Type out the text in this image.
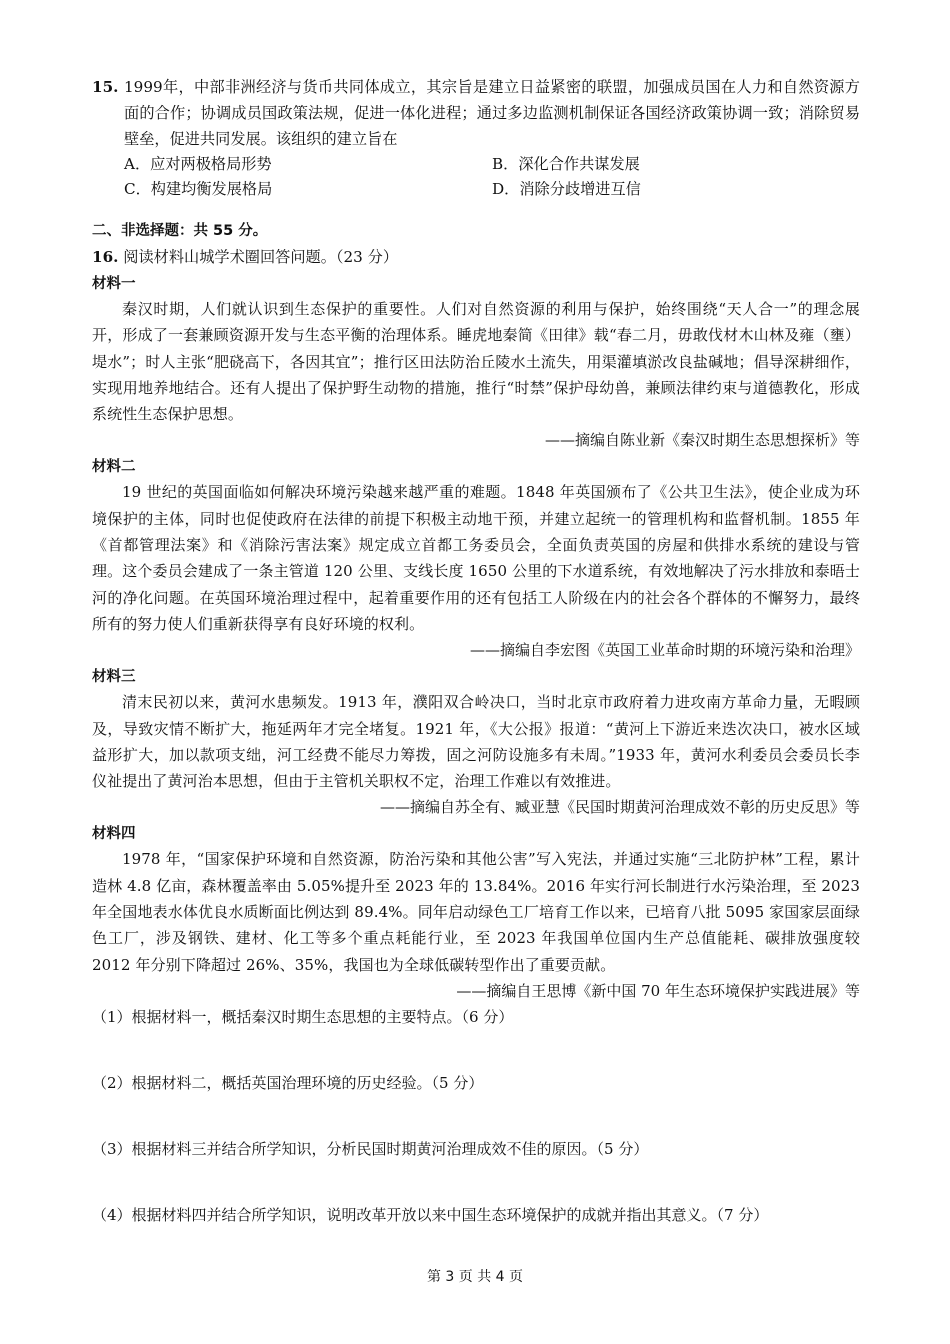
15. 1999年，中部非洲经济与货币共同体成立，其宗旨是建立日益紧密的联盟，加强成员国在人力和自然资源方面的合作；协调成员国政策法规，促进一体化进程；通过多边监测机制保证各国经济政策协调一致；消除贸易壁垒，促进共同发展。该组织的建立旨在

A．应对两极格局形势	B．深化合作共谋发展
C．构建均衡发展格局	D．消除分歧增进互信
二、非选择题：共 55 分。
16. 阅读材料山城学术圈回答问题。（23 分）
材料一

秦汉时期，人们就认识到生态保护的重要性。人们对自然资源的利用与保护，始终围绕“天人合一”的理念展开，形成了一套兼顾资源开发与生态平衡的治理体系。睡虎地秦简《田律》载“春二月，毋敢伐材木山林及雍（壅）堤水”；时人主张“肥硗高下，各因其宜”；推行区田法防治丘陵水土流失，用渠灌填淤改良盐碱地；倡导深耕细作，实现用地养地结合。还有人提出了保护野生动物的措施，推行“时禁”保护母幼兽，兼顾法律约束与道德教化，形成系统性生态保护思想。

——摘编自陈业新《秦汉时期生态思想探析》等
材料二

19 世纪的英国面临如何解决环境污染越来越严重的难题。1848 年英国颁布了《公共卫生法》，使企业成为环境保护的主体，同时也促使政府在法律的前提下积极主动地干预，并建立起统一的管理机构和监督机制。1855 年《首都管理法案》和《消除污害法案》规定成立首都工务委员会，全面负责英国的房屋和供排水系统的建设与管理。这个委员会建成了一条主管道 120 公里、支线长度 1650 公里的下水道系统，有效地解决了污水排放和泰晤士河的净化问题。在英国环境治理过程中，起着重要作用的还有包括工人阶级在内的社会各个群体的不懈努力，最终所有的努力使人们重新获得享有良好环境的权利。

——摘编自李宏图《英国工业革命时期的环境污染和治理》
材料三

清末民初以来，黄河水患频发。1913 年，濮阳双合岭决口，当时北京市政府着力进攻南方革命力量，无暇顾及，导致灾情不断扩大，拖延两年才完全堵复。1921 年，《大公报》报道：“黄河上下游近来迭次决口，被水区域益形扩大，加以款项支绌，河工经费不能尽力筹拨，固之河防设施多有未周。”1933 年，黄河水利委员会委员长李仪祉提出了黄河治本思想，但由于主管机关职权不定，治理工作难以有效推进。

——摘编自苏全有、臧亚慧《民国时期黄河治理成效不彰的历史反思》等
材料四

1978 年，“国家保护环境和自然资源，防治污染和其他公害”写入宪法，并通过实施“三北防护林”工程，累计造林 4.8 亿亩，森林覆盖率由 5.05%提升至 2023 年的 13.84%。2016 年实行河长制进行水污染治理，至 2023 年全国地表水体优良水质断面比例达到 89.4%。同年启动绿色工厂培育工作以来，已培育八批 5095 家国家层面绿色工厂，涉及钢铁、建材、化工等多个重点耗能行业，至 2023 年我国单位国内生产总值能耗、碳排放强度较 2012 年分别下降超过 26%、35%，我国也为全球低碳转型作出了重要贡献。

——摘编自王思博《新中国 70 年生态环境保护实践进展》等

（1）根据材料一，概括秦汉时期生态思想的主要特点。（6 分）

（2）根据材料二，概括英国治理环境的历史经验。（5 分）

（3）根据材料三并结合所学知识，分析民国时期黄河治理成效不佳的原因。（5 分）

（4）根据材料四并结合所学知识，说明改革开放以来中国生态环境保护的成就并指出其意义。（7 分）

第 3 页 共 4 页
